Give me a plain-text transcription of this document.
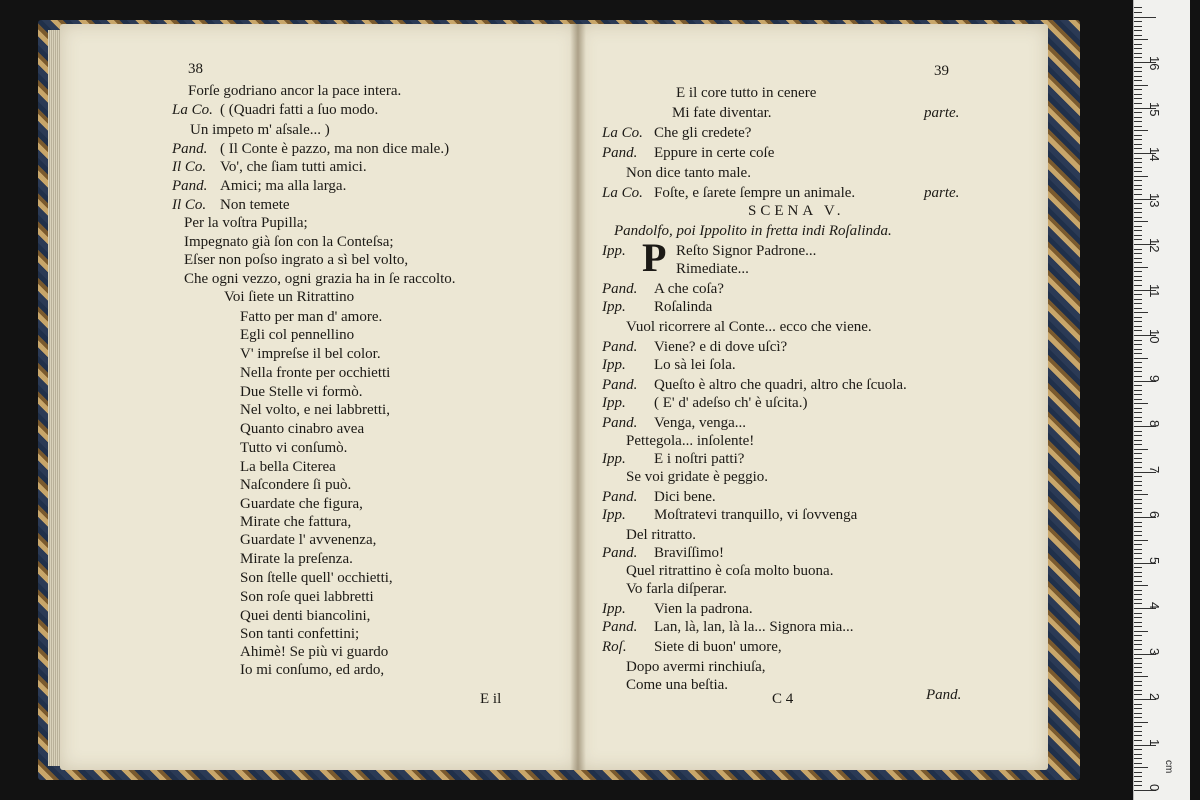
38
Forſe godriano ancor la pace intera.
La Co. ( (Quadri fatti a ſuo modo.
Un impeto m' aſsale... )
Pand. ( Il Conte è pazzo, ma non dice male.)
Il Co. Vo', che ſiam tutti amici.
Pand. Amici; ma alla larga.
Il Co. Non temete
Per la voſtra Pupilla;
Impegnato già ſon con la Conteſsa;
Eſser non poſso ingrato a sì bel volto,
Che ogni vezzo, ogni grazia ha in ſe raccolto.
Voi ſiete un Ritrattino
Fatto per man d' amore.
Egli col pennellino
V' impreſse il bel color.
Nella fronte per occhietti
Due Stelle vi formò.
Nel volto, e nei labbretti,
Quanto cinabro avea
Tutto vi conſumò.
La bella Citerea
Naſcondere ſi può.
Guardate che figura,
Mirate che fattura,
Guardate l' avvenenza,
Mirate la preſenza.
Son ſtelle quell' occhietti,
Son roſe quei labbretti
Quei denti biancolini,
Son tanti confettini;
Ahimè! Se più vi guardo
Io mi conſumo, ed ardo,
E il
39
E il core tutto in cenere
Mi fate diventar.	parte.
La Co. Che gli credete?
Pand. Eppure in certe coſe
Non dice tanto male.
La Co. Foſte, e ſarete ſempre un animale.	parte.
SCENA V.
Pandolfo, poi Ippolito in fretta indi Roſalinda.
Ipp.	Reſto Signor Padrone...
Rimediate...
Pand. A che coſa?
Ipp. Roſalinda
Vuol ricorrere al Conte... ecco che viene.
Pand. Viene? e di dove uſcì?
Ipp. Lo sà lei ſola.
Pand. Queſto è altro che quadri, altro che ſcuola.
Ipp. ( E' d' adeſso ch' è uſcita.)
Pand. Venga, venga...
Pettegola... inſolente!
Ipp. E i noſtri patti?
Se voi gridate è peggio.
Pand. Dici bene.
Ipp. Moſtratevi tranquillo, vi ſovvenga
Del ritratto.
Pand. Braviſſimo!
Quel ritrattino è coſa molto buona.
Vo farla diſperar.
Ipp. Vien la padrona.
Pand. Lan, là, lan, là la... Signora mia...
Roſ. Siete di buon' umore,
Dopo avermi rinchiuſa,
Come una beſtia.
P
C 4	Pand.
0
1
2
3
4
5
6
7
8
9
10
11
12
13
14
15
16
cm
